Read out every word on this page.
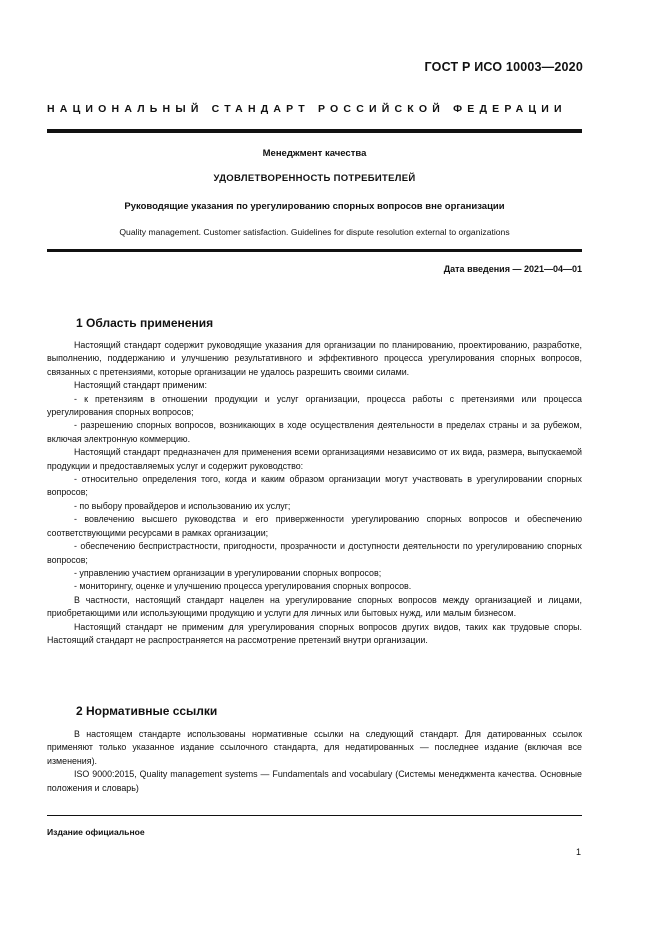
ГОСТ Р ИСО 10003—2020
НАЦИОНАЛЬНЫЙ СТАНДАРТ РОССИЙСКОЙ ФЕДЕРАЦИИ
Менеджмент качества
УДОВЛЕТВОРЕННОСТЬ ПОТРЕБИТЕЛЕЙ
Руководящие указания по урегулированию спорных вопросов вне организации
Quality management. Customer satisfaction. Guidelines for dispute resolution external to organizations
Дата введения — 2021—04—01
1 Область применения

Настоящий стандарт содержит руководящие указания для организации по планированию, проектированию, разработке, выполнению, поддержанию и улучшению результативного и эффективного процесса урегулирования спорных вопросов, связанных с претензиями, которые организации не удалось разрешить своими силами.

Настоящий стандарт применим:

- к претензиям в отношении продукции и услуг организации, процесса работы с претензиями или процесса урегулирования спорных вопросов;

- разрешению спорных вопросов, возникающих в ходе осуществления деятельности в пределах страны и за рубежом, включая электронную коммерцию.

Настоящий стандарт предназначен для применения всеми организациями независимо от их вида, размера, выпускаемой продукции и предоставляемых услуг и содержит руководство:

- относительно определения того, когда и каким образом организации могут участвовать в урегулировании спорных вопросов;

- по выбору провайдеров и использованию их услуг;

- вовлечению высшего руководства и его приверженности урегулированию спорных вопросов и обеспечению соответствующими ресурсами в рамках организации;

- обеспечению беспристрастности, пригодности, прозрачности и доступности деятельности по урегулированию спорных вопросов;

- управлению участием организации в урегулировании спорных вопросов;

- мониторингу, оценке и улучшению процесса урегулирования спорных вопросов.

В частности, настоящий стандарт нацелен на урегулирование спорных вопросов между организацией и лицами, приобретающими или использующими продукцию и услуги для личных или бытовых нужд, или малым бизнесом.

Настоящий стандарт не применим для урегулирования спорных вопросов других видов, таких как трудовые споры. Настоящий стандарт не распространяется на рассмотрение претензий внутри организации.

2 Нормативные ссылки

В настоящем стандарте использованы нормативные ссылки на следующий стандарт. Для датированных ссылок применяют только указанное издание ссылочного стандарта, для недатированных — последнее издание (включая все изменения).

ISO 9000:2015, Quality management systems — Fundamentals and vocabulary (Системы менеджмента качества. Основные положения и словарь)

Издание официальное
1
